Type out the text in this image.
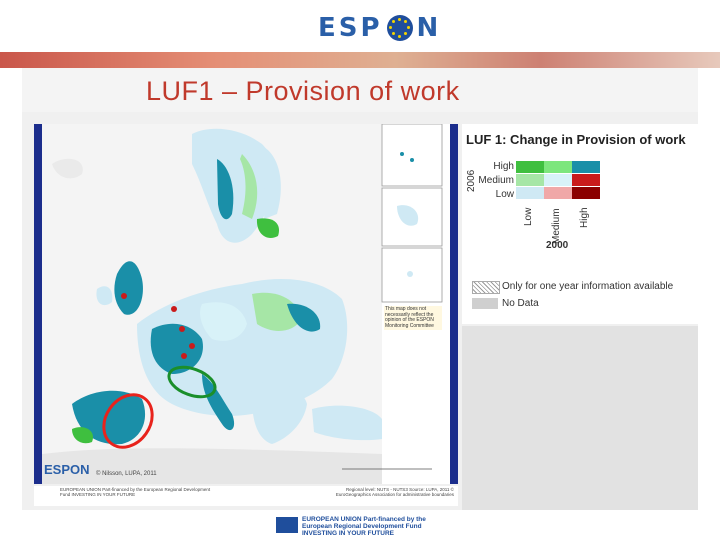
ESP N
LUF1 – Provision of work
This map does not necessarily reflect the opinion of the ESPON Monitoring Committee
ESPON © Nilsson, LUPA, 2011
EUROPEAN UNION Part-financed by the European Regional Development Fund INVESTING IN YOUR FUTURE
Regional level: NUTS - NUTS3 Source: LUPA, 2011 © EuroGeographics Association for administrative boundaries
LUF 1: Change in Provision of work
2006
High
Medium
Low
Low Medium High
2000
Only for one year information available
No Data
EUROPEAN UNION Part-financed by the European Regional Development Fund INVESTING IN YOUR FUTURE
